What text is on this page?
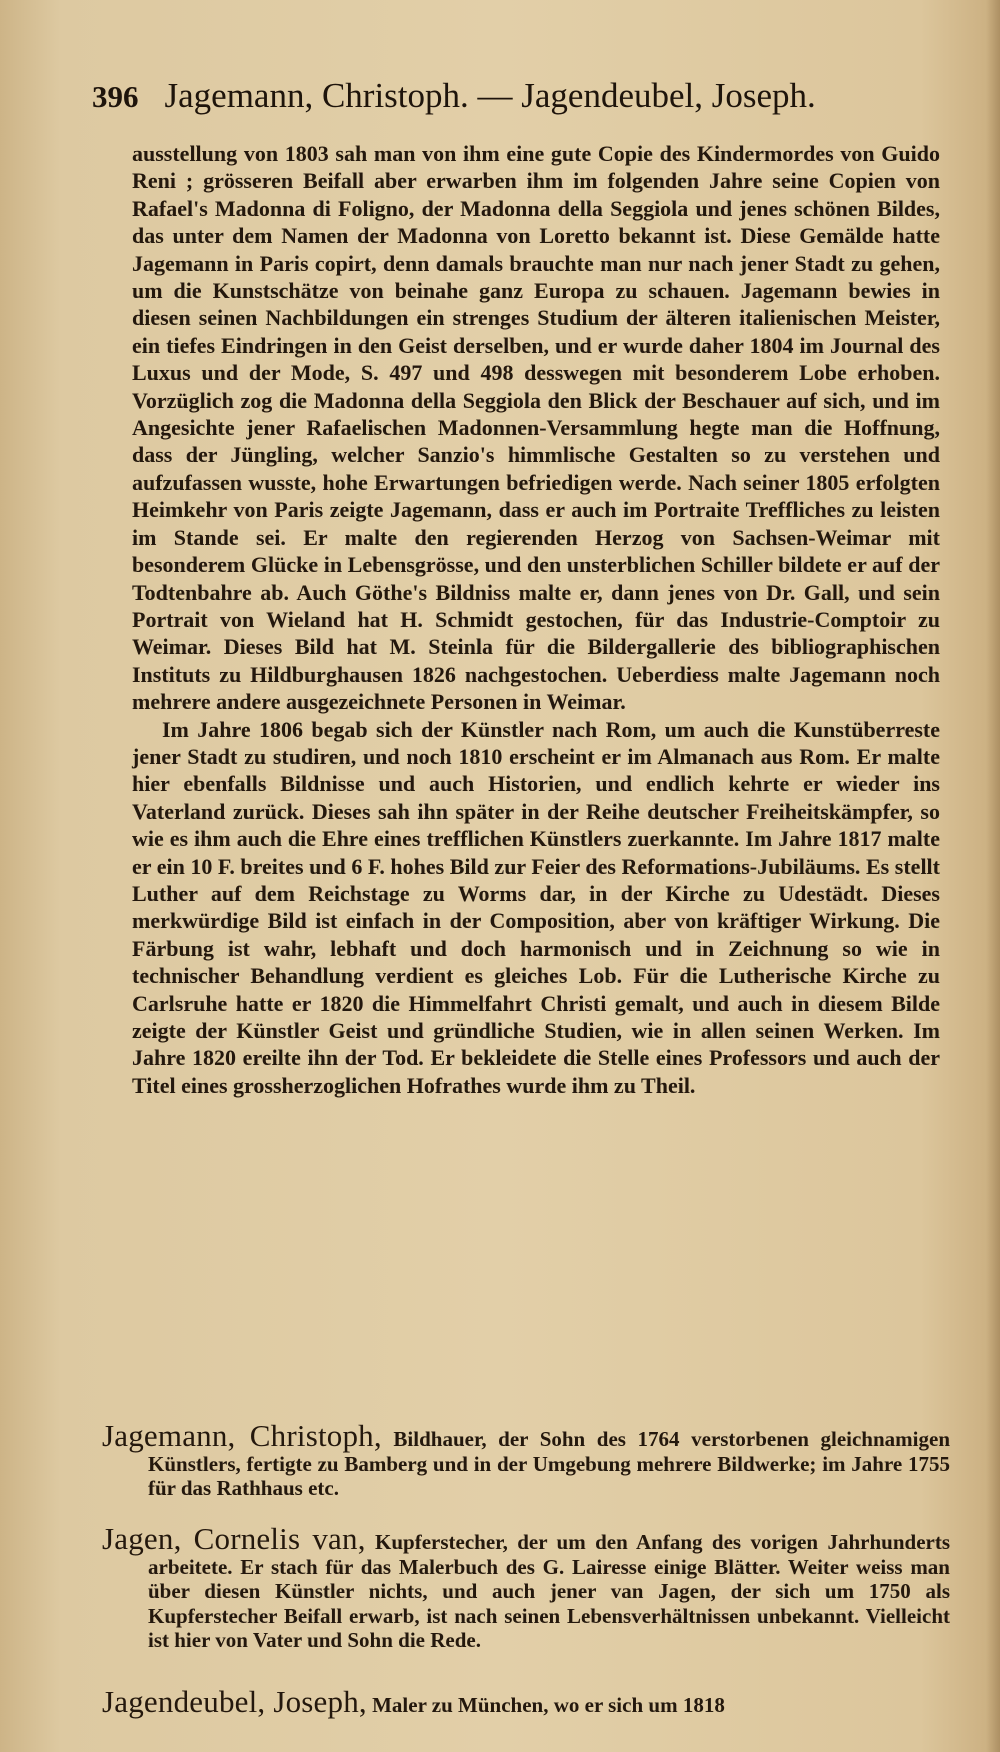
396 Jagemann, Christoph. — Jagendeubel, Joseph.

ausstellung von 1803 sah man von ihm eine gute Copie des Kindermordes von Guido Reni ; grösseren Beifall aber erwarben ihm im folgenden Jahre seine Copien von Rafael's Madonna di Foligno, der Madonna della Seggiola und jenes schönen Bildes, das unter dem Namen der Madonna von Loretto bekannt ist. Diese Gemälde hatte Jagemann in Paris copirt, denn damals brauchte man nur nach jener Stadt zu gehen, um die Kunstschätze von beinahe ganz Europa zu schauen. Jagemann bewies in diesen seinen Nachbildungen ein strenges Studium der älteren italienischen Meister, ein tiefes Eindringen in den Geist derselben, und er wurde daher 1804 im Journal des Luxus und der Mode, S. 497 und 498 desswegen mit besonderem Lobe erhoben. Vorzüglich zog die Madonna della Seggiola den Blick der Beschauer auf sich, und im Angesichte jener Rafaelischen Madonnen-Versammlung hegte man die Hoffnung, dass der Jüngling, welcher Sanzio's himmlische Gestalten so zu verstehen und aufzufassen wusste, hohe Erwartungen befriedigen werde. Nach seiner 1805 erfolgten Heimkehr von Paris zeigte Jagemann, dass er auch im Portraite Treffliches zu leisten im Stande sei. Er malte den regierenden Herzog von Sachsen-Weimar mit besonderem Glücke in Lebensgrösse, und den unsterblichen Schiller bildete er auf der Todtenbahre ab. Auch Göthe's Bildniss malte er, dann jenes von Dr. Gall, und sein Portrait von Wieland hat H. Schmidt gestochen, für das Industrie-Comptoir zu Weimar. Dieses Bild hat M. Steinla für die Bildergallerie des bibliographischen Instituts zu Hildburghausen 1826 nachgestochen. Ueberdiess malte Jagemann noch mehrere andere ausgezeichnete Personen in Weimar.

Im Jahre 1806 begab sich der Künstler nach Rom, um auch die Kunstüberreste jener Stadt zu studiren, und noch 1810 erscheint er im Almanach aus Rom. Er malte hier ebenfalls Bildnisse und auch Historien, und endlich kehrte er wieder ins Vaterland zurück. Dieses sah ihn später in der Reihe deutscher Freiheitskämpfer, so wie es ihm auch die Ehre eines trefflichen Künstlers zuerkannte. Im Jahre 1817 malte er ein 10 F. breites und 6 F. hohes Bild zur Feier des Reformations-Jubiläums. Es stellt Luther auf dem Reichstage zu Worms dar, in der Kirche zu Udestädt. Dieses merkwürdige Bild ist einfach in der Composition, aber von kräftiger Wirkung. Die Färbung ist wahr, lebhaft und doch harmonisch und in Zeichnung so wie in technischer Behandlung verdient es gleiches Lob. Für die Lutherische Kirche zu Carlsruhe hatte er 1820 die Himmelfahrt Christi gemalt, und auch in diesem Bilde zeigte der Künstler Geist und gründliche Studien, wie in allen seinen Werken. Im Jahre 1820 ereilte ihn der Tod. Er bekleidete die Stelle eines Professors und auch der Titel eines grossherzoglichen Hofrathes wurde ihm zu Theil.

Jagemann, Christoph, Bildhauer, der Sohn des 1764 verstorbenen gleichnamigen Künstlers, fertigte zu Bamberg und in der Umgebung mehrere Bildwerke; im Jahre 1755 für das Rathhaus etc.

Jagen, Cornelis van, Kupferstecher, der um den Anfang des vorigen Jahrhunderts arbeitete. Er stach für das Malerbuch des G. Lairesse einige Blätter. Weiter weiss man über diesen Künstler nichts, und auch jener van Jagen, der sich um 1750 als Kupferstecher Beifall erwarb, ist nach seinen Lebensverhältnissen unbekannt. Vielleicht ist hier von Vater und Sohn die Rede.

Jagendeubel, Joseph, Maler zu München, wo er sich um 1818
